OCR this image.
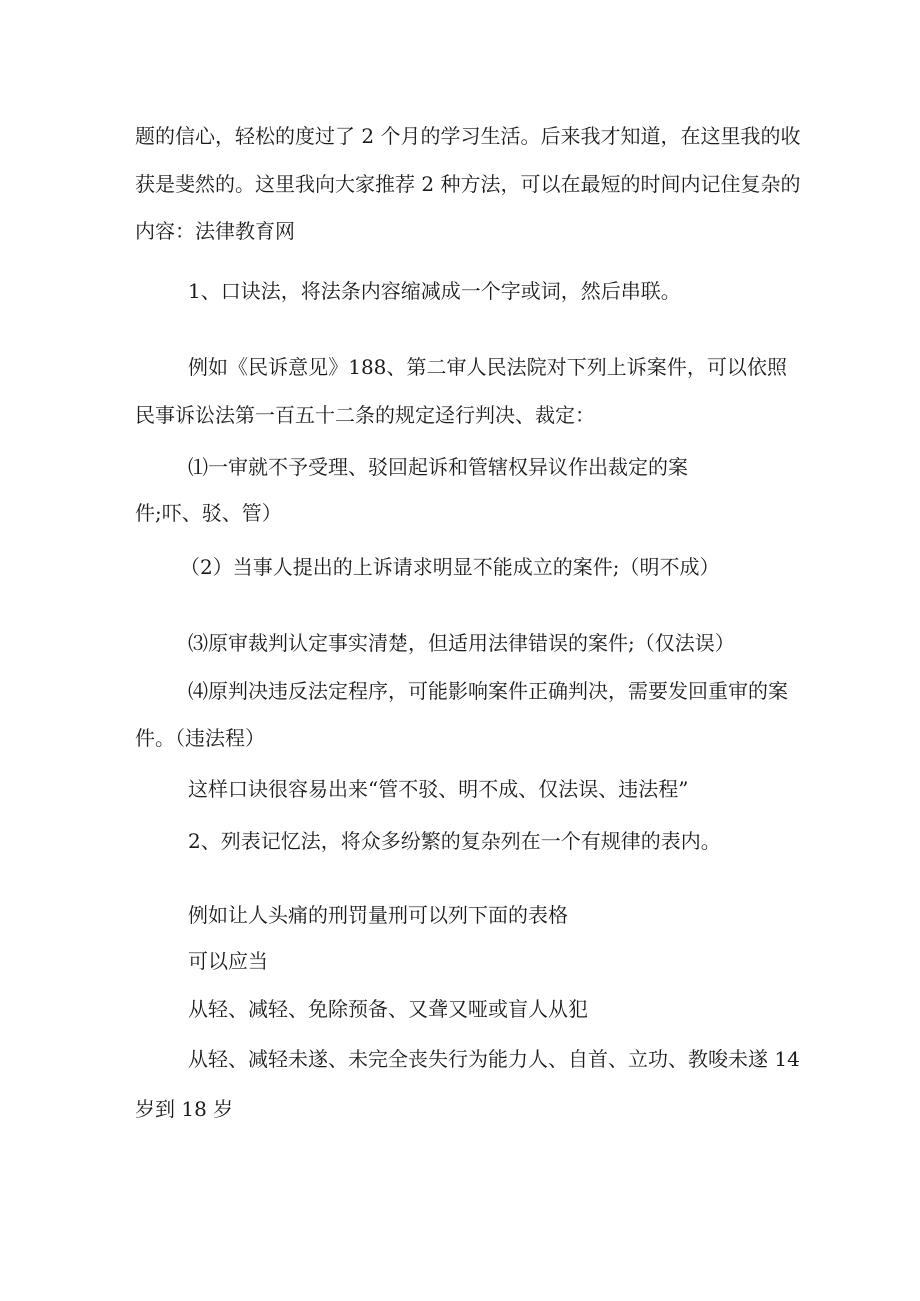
题的信心，轻松的度过了 2 个月的学习生活。后来我才知道，在这里我的收

获是斐然的。这里我向大家推荐 2 种方法，可以在最短的时间内记住复杂的

内容：法律教育网

1、口诀法，将法条内容缩减成一个字或词，然后串联。

例如《民诉意见》188、第二审人民法院对下列上诉案件，可以依照

民事诉讼法第一百五十二条的规定迳行判决、裁定：

⑴一审就不予受理、驳回起诉和管辖权异议作出裁定的案

件;吓、驳、管）

（2）当事人提出的上诉请求明显不能成立的案件;（明不成）

⑶原审裁判认定事实清楚，但适用法律错误的案件;（仅法误）

⑷原判决违反法定程序，可能影响案件正确判决，需要发回重审的案

件。（违法程）

这样口诀很容易出来“管不驳、明不成、仅法误、违法程”

2、列表记忆法，将众多纷繁的复杂列在一个有规律的表内。

例如让人头痛的刑罚量刑可以列下面的表格

可以应当

从轻、减轻、免除预备、又聋又哑或盲人从犯

从轻、减轻未遂、未完全丧失行为能力人、自首、立功、教唆未遂 14

岁到 18 岁
